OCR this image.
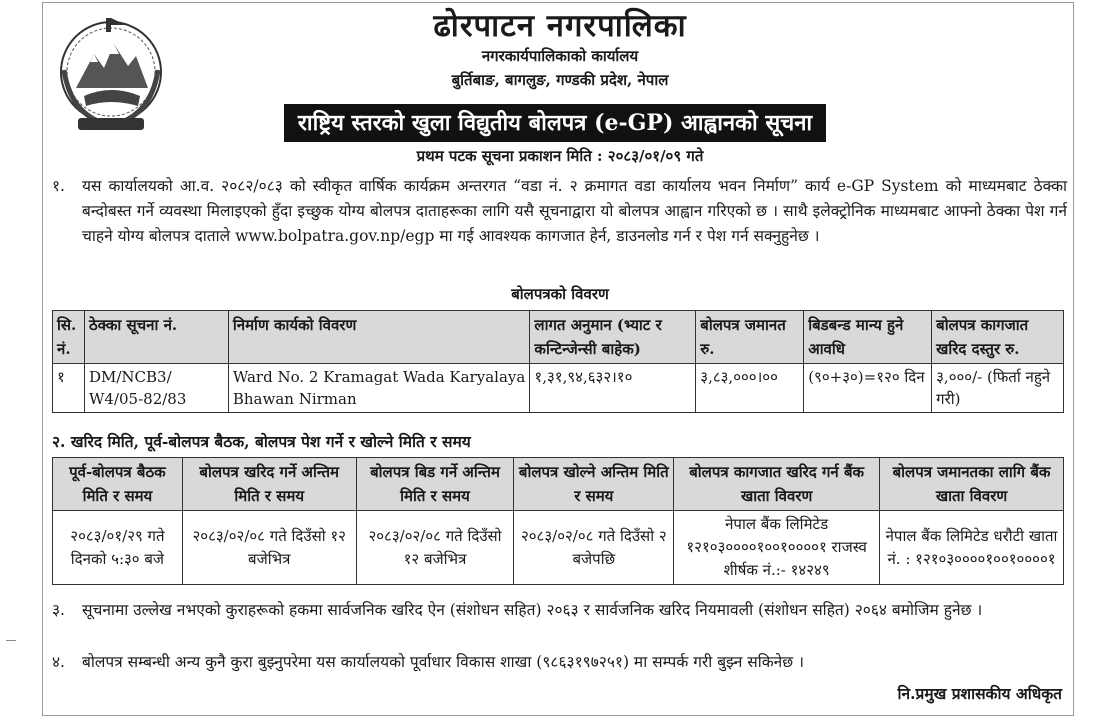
ढोरपाटन नगरपालिका
नगरकार्यपालिकाको कार्यालय
बुर्तिबाङ, बागलुङ, गण्डकी प्रदेश, नेपाल
राष्ट्रिय स्तरको खुला विद्युतीय बोलपत्र (e-GP) आह्वानको सूचना
प्रथम पटक सूचना प्रकाशन मिति : २०८३/०१/०९ गते
१. यस कार्यालयको आ.व. २०८२/०८३ को स्वीकृत वार्षिक कार्यक्रम अन्तरगत “वडा नं. २ क्रमागत वडा कार्यालय भवन निर्माण” कार्य e-GP System को माध्यमबाट ठेक्का बन्दोबस्त गर्ने व्यवस्था मिलाइएको हुँदा इच्छुक योग्य बोलपत्र दाताहरूका लागि यसै सूचनाद्वारा यो बोलपत्र आह्वान गरिएको छ । साथै इलेक्ट्रोनिक माध्यमबाट आफ्नो ठेक्का पेश गर्न चाहने योग्य बोलपत्र दाताले www.bolpatra.gov.np/egp मा गई आवश्यक कागजात हेर्न, डाउनलोड गर्न र पेश गर्न सक्नुहुनेछ ।
बोलपत्रको विवरण
सि. नं.	ठेक्का सूचना नं.	निर्माण कार्यको विवरण	लागत अनुमान (भ्याट र कन्टिन्जेन्सी बाहेक)	बोलपत्र जमानत रु.	बिडबन्ड मान्य हुने आवधि	बोलपत्र कागजात खरिद दस्तुर रु.
१	DM/NCB3/ W4/05-82/83	Ward No. 2 Kramagat Wada Karyalaya Bhawan Nirman	१,३१,९४,६३२।१०	३,८३,०००।००	(९०+३०)=१२० दिन	३,०००/- (फिर्ता नहुने गरी)
२. खरिद मिति, पूर्व-बोलपत्र बैठक, बोलपत्र पेश गर्ने र खोल्ने मिति र समय
पूर्व-बोलपत्र बैठक मिति र समय	बोलपत्र खरिद गर्ने अन्तिम मिति र समय	बोलपत्र बिड गर्ने अन्तिम मिति र समय	बोलपत्र खोल्ने अन्तिम मिति र समय	बोलपत्र कागजात खरिद गर्न बैंक खाता विवरण	बोलपत्र जमानतका लागि बैंक खाता विवरण
२०८३/०१/२९ गते दिनको ५:३० बजे	२०८३/०२/०८ गते दिउँसो १२ बजेभित्र	२०८३/०२/०८ गते दिउँसो १२ बजेभित्र	२०८३/०२/०८ गते दिउँसो २ बजेपछि	नेपाल बैंक लिमिटेड १२१०३००००१००१००००१ राजस्व शीर्षक नं.:- १४२४९	नेपाल बैंक लिमिटेड धरौटी खाता नं. : १२१०३००००१००१००००१
३. सूचनामा उल्लेख नभएको कुराहरूको हकमा सार्वजनिक खरिद ऐन (संशोधन सहित) २०६३ र सार्वजनिक खरिद नियमावली (संशोधन सहित) २०६४ बमोजिम हुनेछ ।
४. बोलपत्र सम्बन्धी अन्य कुनै कुरा बुझ्नुपरेमा यस कार्यालयको पूर्वाधार विकास शाखा (९८६३१९७२५१) मा सम्पर्क गरी बुझ्न सकिनेछ ।
नि.प्रमुख प्रशासकीय अधिकृत
